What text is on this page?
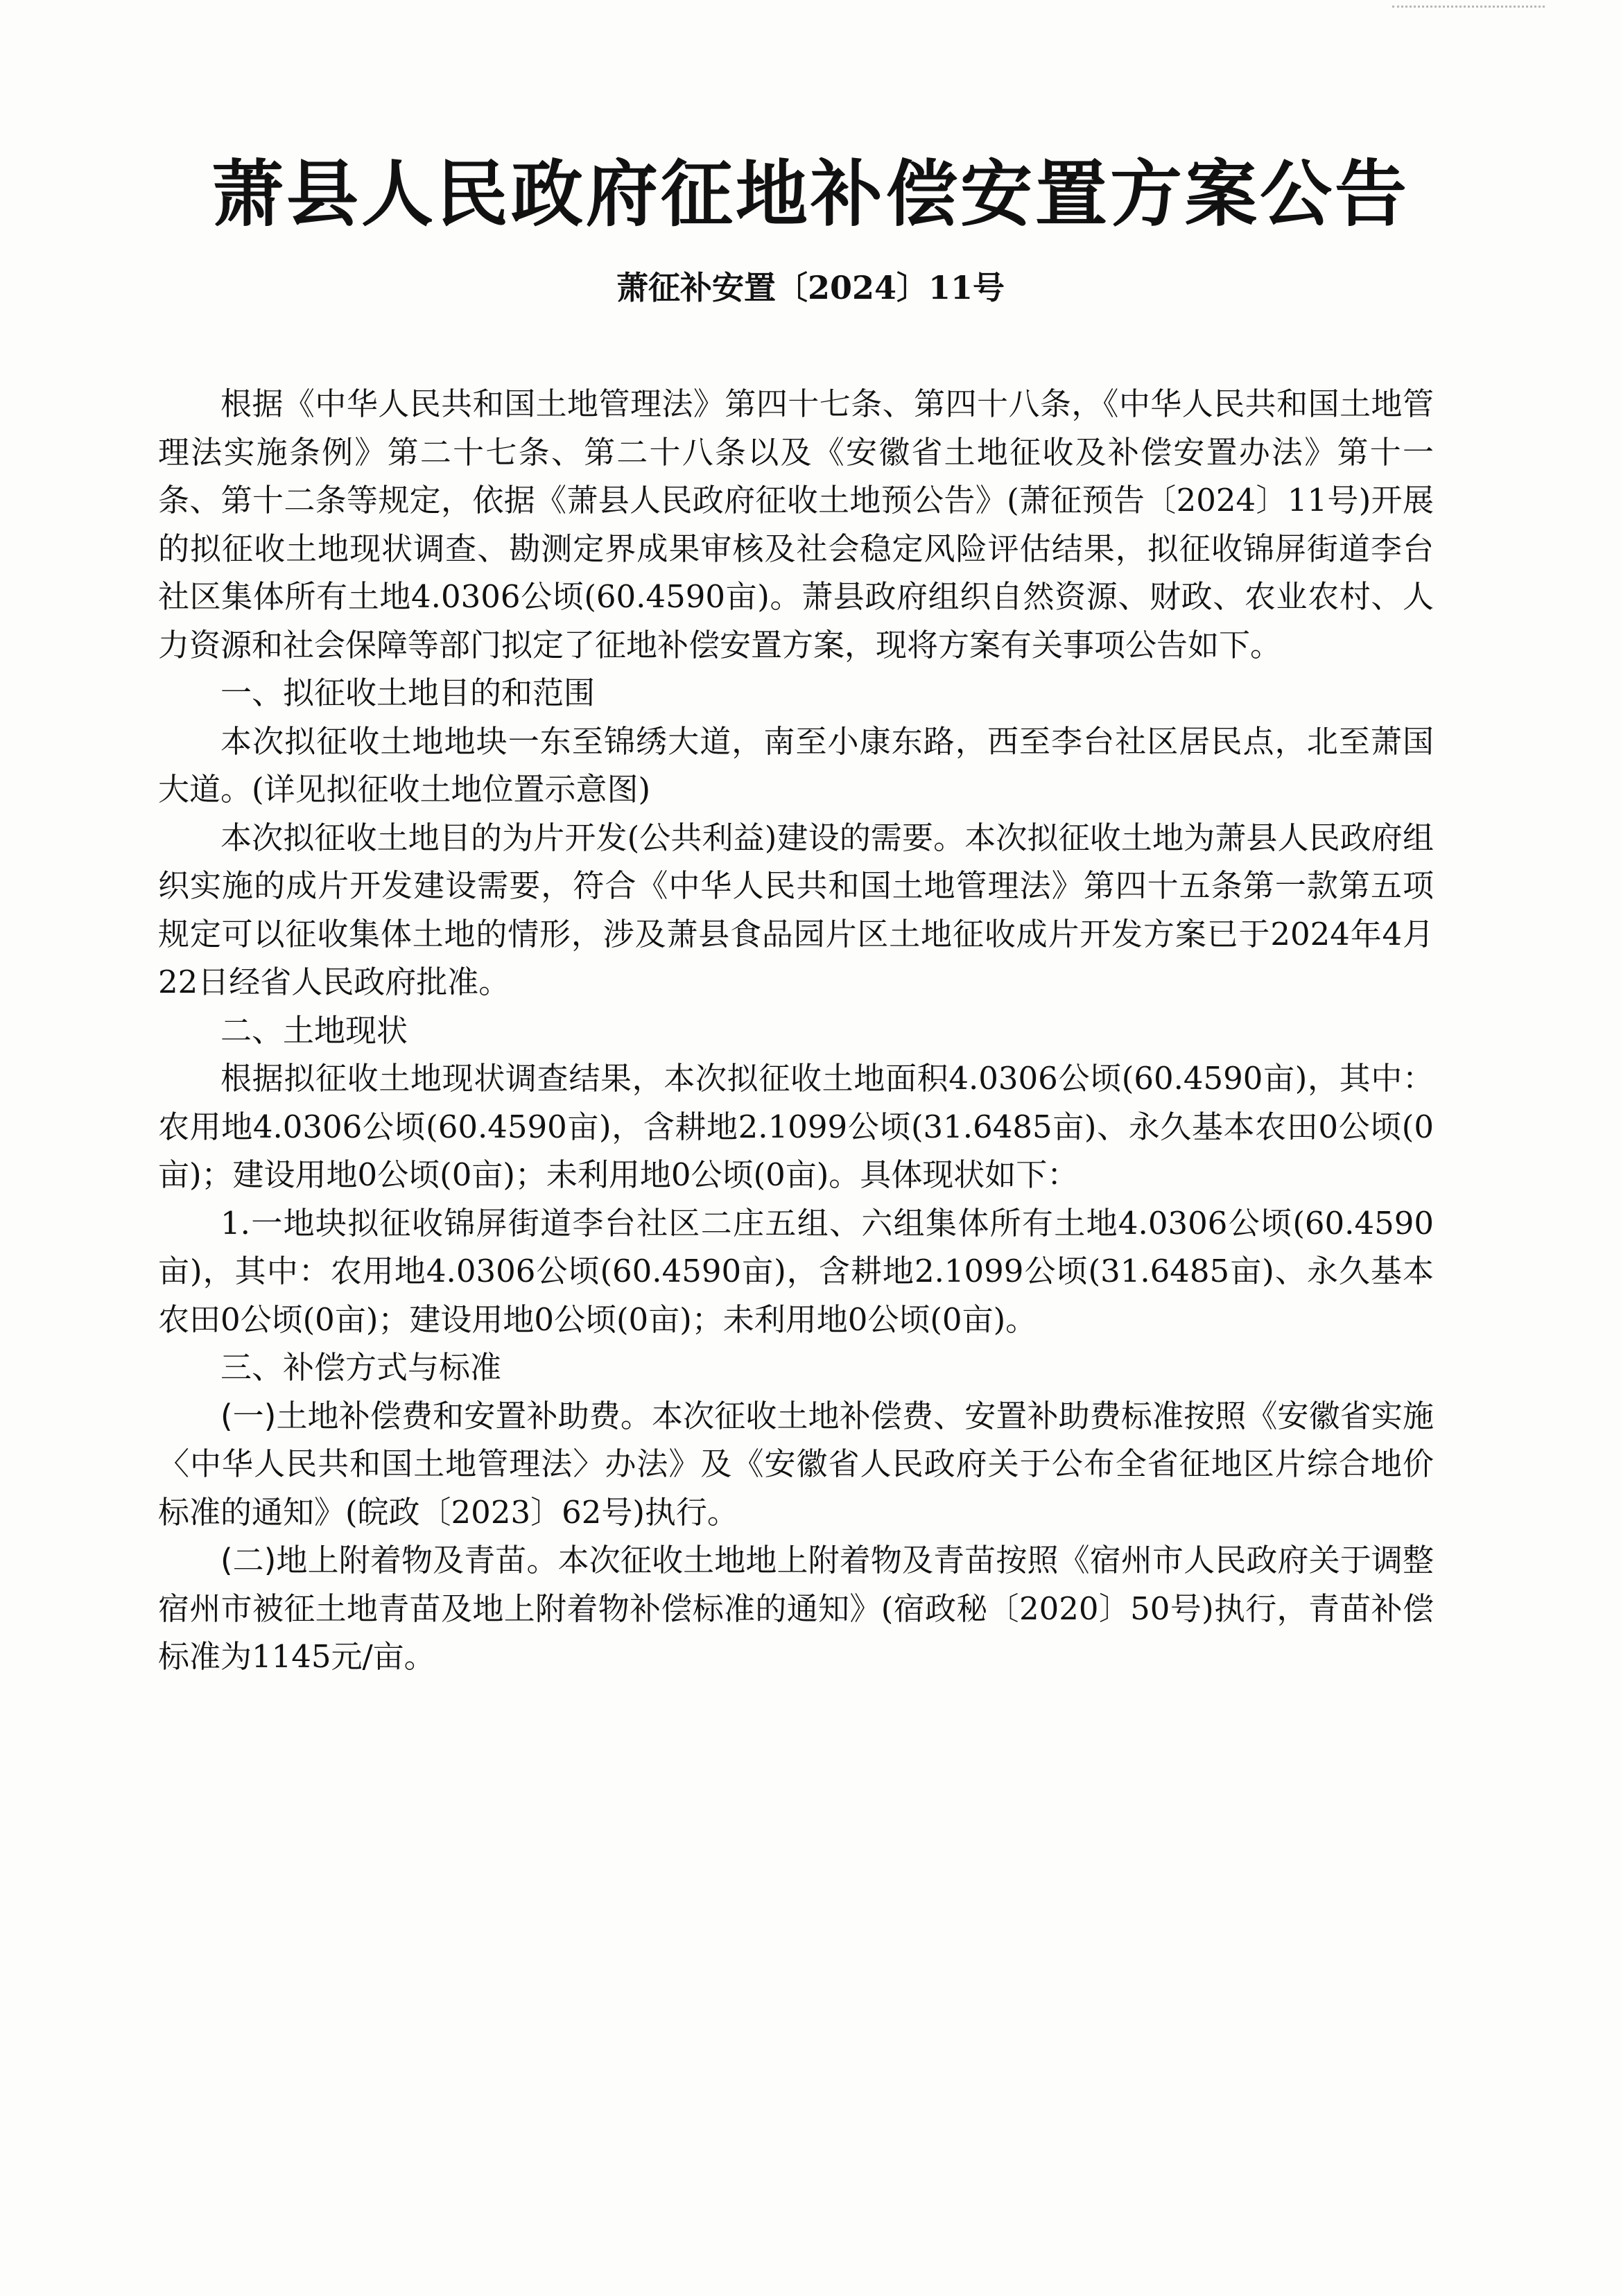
萧县人民政府征地补偿安置方案公告
萧征补安置〔2024〕11号

根据《中华人民共和国土地管理法》第四十七条、第四十八条，《中华人民共和国土地管理法实施条例》第二十七条、第二十八条以及《安徽省土地征收及补偿安置办法》第十一条、第十二条等规定，依据《萧县人民政府征收土地预公告》(萧征预告〔2024〕11号)开展的拟征收土地现状调查、勘测定界成果审核及社会稳定风险评估结果，拟征收锦屏街道李台社区集体所有土地4.0306公顷(60.4590亩)。萧县政府组织自然资源、财政、农业农村、人力资源和社会保障等部门拟定了征地补偿安置方案，现将方案有关事项公告如下。

一、拟征收土地目的和范围

本次拟征收土地地块一东至锦绣大道，南至小康东路，西至李台社区居民点，北至萧国大道。(详见拟征收土地位置示意图)

本次拟征收土地目的为片开发(公共利益)建设的需要。本次拟征收土地为萧县人民政府组织实施的成片开发建设需要，符合《中华人民共和国土地管理法》第四十五条第一款第五项规定可以征收集体土地的情形，涉及萧县食品园片区土地征收成片开发方案已于2024年4月22日经省人民政府批准。

二、土地现状

根据拟征收土地现状调查结果，本次拟征收土地面积4.0306公顷(60.4590亩)，其中：农用地4.0306公顷(60.4590亩)，含耕地2.1099公顷(31.6485亩)、永久基本农田0公顷(0亩)；建设用地0公顷(0亩)；未利用地0公顷(0亩)。具体现状如下：

1.一地块拟征收锦屏街道李台社区二庄五组、六组集体所有土地4.0306公顷(60.4590亩)，其中：农用地4.0306公顷(60.4590亩)，含耕地2.1099公顷(31.6485亩)、永久基本农田0公顷(0亩)；建设用地0公顷(0亩)；未利用地0公顷(0亩)。

三、补偿方式与标准

(一)土地补偿费和安置补助费。本次征收土地补偿费、安置补助费标准按照《安徽省实施〈中华人民共和国土地管理法〉办法》及《安徽省人民政府关于公布全省征地区片综合地价标准的通知》(皖政〔2023〕62号)执行。

(二)地上附着物及青苗。本次征收土地地上附着物及青苗按照《宿州市人民政府关于调整宿州市被征土地青苗及地上附着物补偿标准的通知》(宿政秘〔2020〕50号)执行，青苗补偿标准为1145元/亩。
